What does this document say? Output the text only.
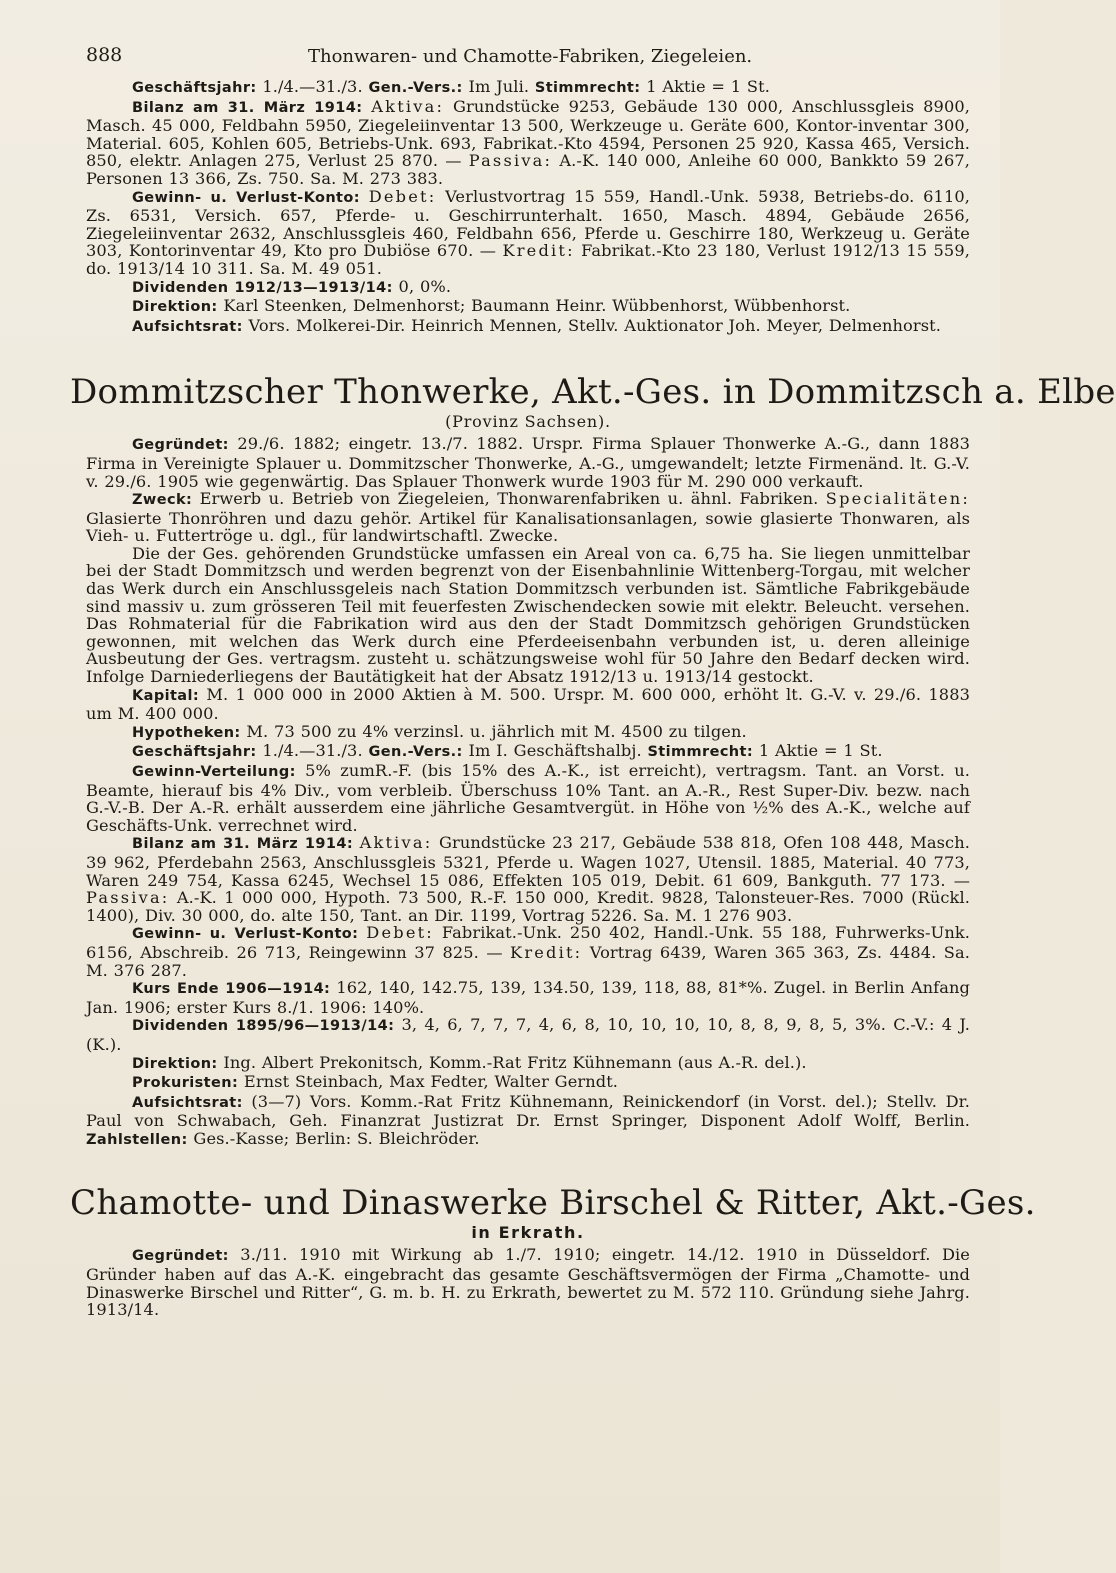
888	Thonwaren- und Chamotte-Fabriken, Ziegeleien.

Geschäftsjahr: 1./4.—31./3. Gen.-Vers.: Im Juli. Stimmrecht: 1 Aktie = 1 St.

Bilanz am 31. März 1914: Aktiva: Grundstücke 9253, Gebäude 130 000, Anschlussgleis 8900, Masch. 45 000, Feldbahn 5950, Ziegeleiinventar 13 500, Werkzeuge u. Geräte 600, Kontor-inventar 300, Material. 605, Kohlen 605, Betriebs-Unk. 693, Fabrikat.-Kto 4594, Personen 25 920, Kassa 465, Versich. 850, elektr. Anlagen 275, Verlust 25 870. — Passiva: A.-K. 140 000, Anleihe 60 000, Bankkto 59 267, Personen 13 366, Zs. 750. Sa. M. 273 383.

Gewinn- u. Verlust-Konto: Debet: Verlustvortrag 15 559, Handl.-Unk. 5938, Betriebs-do. 6110, Zs. 6531, Versich. 657, Pferde- u. Geschirrunterhalt. 1650, Masch. 4894, Gebäude 2656, Ziegeleiinventar 2632, Anschlussgleis 460, Feldbahn 656, Pferde u. Geschirre 180, Werkzeug u. Geräte 303, Kontorinventar 49, Kto pro Dubiöse 670. — Kredit: Fabrikat.-Kto 23 180, Verlust 1912/13 15 559, do. 1913/14 10 311. Sa. M. 49 051.

Dividenden 1912/13—1913/14: 0, 0%.

Direktion: Karl Steenken, Delmenhorst; Baumann Heinr. Wübbenhorst, Wübbenhorst.

Aufsichtsrat: Vors. Molkerei-Dir. Heinrich Mennen, Stellv. Auktionator Joh. Meyer, Delmenhorst.

Dommitzscher Thonwerke, Akt.-Ges. in Dommitzsch a. Elbe
(Provinz Sachsen).

Gegründet: 29./6. 1882; eingetr. 13./7. 1882. Urspr. Firma Splauer Thonwerke A.-G., dann 1883 Firma in Vereinigte Splauer u. Dommitzscher Thonwerke, A.-G., umgewandelt; letzte Firmenänd. lt. G.-V. v. 29./6. 1905 wie gegenwärtig. Das Splauer Thonwerk wurde 1903 für M. 290 000 verkauft.

Zweck: Erwerb u. Betrieb von Ziegeleien, Thonwarenfabriken u. ähnl. Fabriken. Specialitäten: Glasierte Thonröhren und dazu gehör. Artikel für Kanalisationsanlagen, sowie glasierte Thonwaren, als Vieh- u. Futtertröge u. dgl., für landwirtschaftl. Zwecke.

Die der Ges. gehörenden Grundstücke umfassen ein Areal von ca. 6,75 ha. Sie liegen unmittelbar bei der Stadt Dommitzsch und werden begrenzt von der Eisenbahnlinie Wittenberg-Torgau, mit welcher das Werk durch ein Anschlussgeleis nach Station Dommitzsch verbunden ist. Sämtliche Fabrikgebäude sind massiv u. zum grösseren Teil mit feuerfesten Zwischendecken sowie mit elektr. Beleucht. versehen. Das Rohmaterial für die Fabrikation wird aus den der Stadt Dommitzsch gehörigen Grundstücken gewonnen, mit welchen das Werk durch eine Pferdeeisenbahn verbunden ist, u. deren alleinige Ausbeutung der Ges. vertragsm. zusteht u. schätzungsweise wohl für 50 Jahre den Bedarf decken wird. Infolge Darniederliegens der Bautätigkeit hat der Absatz 1912/13 u. 1913/14 gestockt.

Kapital: M. 1 000 000 in 2000 Aktien à M. 500. Urspr. M. 600 000, erhöht lt. G.-V. v. 29./6. 1883 um M. 400 000.

Hypotheken: M. 73 500 zu 4% verzinsl. u. jährlich mit M. 4500 zu tilgen.

Geschäftsjahr: 1./4.—31./3. Gen.-Vers.: Im I. Geschäftshalbj. Stimmrecht: 1 Aktie = 1 St.

Gewinn-Verteilung: 5% zumR.-F. (bis 15% des A.-K., ist erreicht), vertragsm. Tant. an Vorst. u. Beamte, hierauf bis 4% Div., vom verbleib. Überschuss 10% Tant. an A.-R., Rest Super-Div. bezw. nach G.-V.-B. Der A.-R. erhält ausserdem eine jährliche Gesamtvergüt. in Höhe von ½% des A.-K., welche auf Geschäfts-Unk. verrechnet wird.

Bilanz am 31. März 1914: Aktiva: Grundstücke 23 217, Gebäude 538 818, Ofen 108 448, Masch. 39 962, Pferdebahn 2563, Anschlussgleis 5321, Pferde u. Wagen 1027, Utensil. 1885, Material. 40 773, Waren 249 754, Kassa 6245, Wechsel 15 086, Effekten 105 019, Debit. 61 609, Bankguth. 77 173. — Passiva: A.-K. 1 000 000, Hypoth. 73 500, R.-F. 150 000, Kredit. 9828, Talonsteuer-Res. 7000 (Rückl. 1400), Div. 30 000, do. alte 150, Tant. an Dir. 1199, Vortrag 5226. Sa. M. 1 276 903.

Gewinn- u. Verlust-Konto: Debet: Fabrikat.-Unk. 250 402, Handl.-Unk. 55 188, Fuhrwerks-Unk. 6156, Abschreib. 26 713, Reingewinn 37 825. — Kredit: Vortrag 6439, Waren 365 363, Zs. 4484. Sa. M. 376 287.

Kurs Ende 1906—1914: 162, 140, 142.75, 139, 134.50, 139, 118, 88, 81*%. Zugel. in Berlin Anfang Jan. 1906; erster Kurs 8./1. 1906: 140%.

Dividenden 1895/96—1913/14: 3, 4, 6, 7, 7, 7, 4, 6, 8, 10, 10, 10, 10, 8, 8, 9, 8, 5, 3%. C.-V.: 4 J. (K.).

Direktion: Ing. Albert Prekonitsch, Komm.-Rat Fritz Kühnemann (aus A.-R. del.).

Prokuristen: Ernst Steinbach, Max Fedter, Walter Gerndt.

Aufsichtsrat: (3—7) Vors. Komm.-Rat Fritz Kühnemann, Reinickendorf (in Vorst. del.); Stellv. Dr. Paul von Schwabach, Geh. Finanzrat Justizrat Dr. Ernst Springer, Disponent Adolf Wolff, Berlin. Zahlstellen: Ges.-Kasse; Berlin: S. Bleichröder.

Chamotte- und Dinaswerke Birschel & Ritter, Akt.-Ges.
in Erkrath.

Gegründet: 3./11. 1910 mit Wirkung ab 1./7. 1910; eingetr. 14./12. 1910 in Düsseldorf. Die Gründer haben auf das A.-K. eingebracht das gesamte Geschäftsvermögen der Firma „Chamotte- und Dinaswerke Birschel und Ritter“, G. m. b. H. zu Erkrath, bewertet zu M. 572 110. Gründung siehe Jahrg. 1913/14.
